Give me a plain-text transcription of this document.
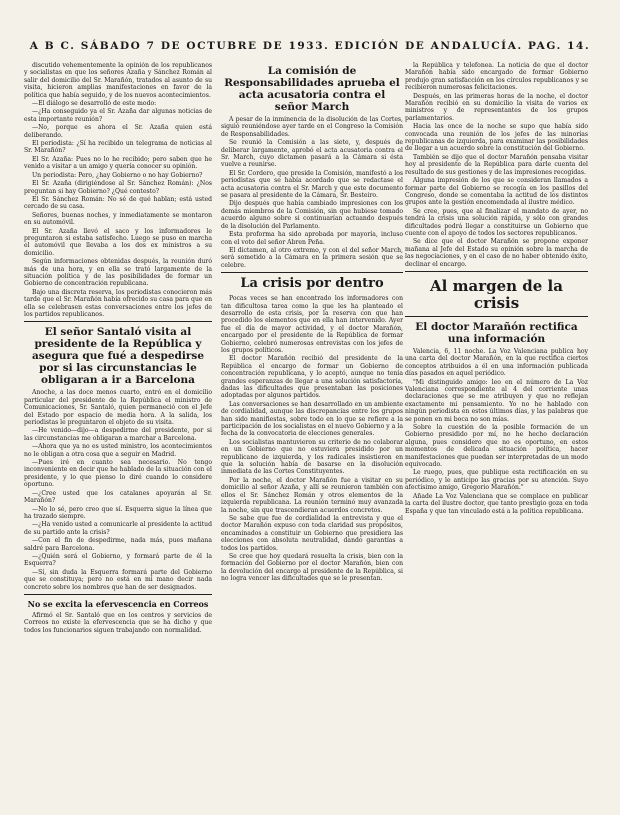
A B C. SÁBADO 7 DE OCTUBRE DE 1933. EDICIÓN DE ANDALUCÍA. PAG. 14.

discutido vehementemente la opinión de los republicanos y socialistas en que los señores Azaña y Sánchez Román al salir del domicilio del Sr. Marañón, tratados al asunto de su visita, hicieron amplias manifestaciones en favor de la política que había seguido, y de los nuevos acontecimientos.

—El diálogo se desarrolló de este modo:

—¿Ha conseguido ya el Sr. Azaña dar algunas noticias de esta importante reunión?

—No, porque es ahora el Sr. Azaña quien está deliberando.

El periodista: ¿Sí ha recibido un telegrama de noticias al Sr. Marañón?

El Sr. Azaña: Pues no lo he recibido; pero saben que he venido a visitar a un amigo y quería conocer su opinión.

Un periodista: Pero, ¿hay Gobierno o no hay Gobierno?

El Sr. Azaña (dirigiéndose al Sr. Sánchez Román): ¿Nos preguntan si hay Gobierno? ¿Qué contesto?

El Sr. Sánchez Román: No sé de qué hablan; está usted cercado de su casa.

Señores, buenas noches, y inmediatamente se montaron en su automóvil.

El Sr. Azaña llevó el saco y los informadores le preguntaron si estaba satisfecho. Luego se puso en marcha el automóvil que llevaba a los dos ex ministros a su domicilio.

Según informaciones obtenidas después, la reunión duró más de una hora, y en ella se trató largamente de la situación política y de las posibilidades de formar un Gobierno de concentración republicana.

Bajo una discreta reserva, los periodistas conocieron más tarde que el Sr. Marañón había ofrecido su casa para que en ella se celebrasen estas conversaciones entre los jefes de los partidos republicanos.

El señor Santaló visita al presidente de la República y asegura que fué a despedirse por si las circunstancias le obligaran a ir a Barcelona

Anoche, a las doce menos cuarto, entró en el domicilio particular del presidente de la República el ministro de Comunicaciones, Sr. Santaló, quien permaneció con el Jefe del Estado por espacio de media hora. A la salida, los periodistas le preguntaron el objeto de su visita.

—He venido—dijo—a despedirme del presidente, por si las circunstancias me obligaran a marchar a Barcelona.

—Ahora que ya no es usted ministro, los acontecimientos no le obligan a otra cosa que a seguir en Madrid.

—Pues iré en cuanto sea necesario. No tengo inconveniente en decir que he hablado de la situación con el presidente, y lo que pienso lo diré cuando lo considere oportuno.

—¿Cree usted que los catalanes apoyarán al Sr. Marañón?

—No lo sé, pero creo que sí. Esquerra sigue la línea que ha trazado siempre.

—¿Ha venido usted a comunicarle al presidente la actitud de su partido ante la crisis?

—Con el fin de despedirme, nada más, pues mañana saldré para Barcelona.

—¿Quién será el Gobierno, y formará parte de él la Esquerra?

—Sí, sin duda la Esquerra formará parte del Gobierno que se constituya; pero no está en mi mano decir nada concreto sobre los nombres que han de ser designados.

No se excita la efervescencia en Correos

Afirmó el Sr. Santaló que en los centros y servicios de Correos no existe la efervescencia que se ha dicho y que todos los funcionarios siguen trabajando con normalidad.

La comisión de Responsabilidades aprueba el acta acusatoria contra el señor March

A pesar de la inminencia de la disolución de las Cortes, siguió reuniéndose ayer tarde en el Congreso la Comisión de Responsabilidades.

Se reunió la Comisión a las siete, y, después de deliberar largamente, aprobó el acta acusatoria contra el Sr. March, cuyo dictamen pasará a la Cámara si ésta vuelve a reunirse.

El Sr. Cordero, que preside la Comisión, manifestó a los periodistas que se había acordado que se redactase el acta acusatoria contra el Sr. March y que este documento se pasara al presidente de la Cámara, Sr. Besteiro.

Dijo después que había cambiado impresiones con los demás miembros de la Comisión, sin que hubiese tomado acuerdo alguno sobre si continuarían actuando después de la disolución del Parlamento.

Esta proforma ha sido aprobada por mayoría, incluso con el voto del señor Abren Peña.

El dictamen, al otro extremo, y con el del señor March, será sometido a la Cámara en la primera sesión que se celebre.

La crisis por dentro

Pocas veces se han encontrado los informadores con tan dificultosa tarea como la que les ha planteado el desarrollo de esta crisis, por la reserva con que han procedido los elementos que en ella han intervenido. Ayer fue el día de mayor actividad, y el doctor Marañón, encargado por el presidente de la República de formar Gobierno, celebró numerosas entrevistas con los jefes de los grupos políticos.

El doctor Marañón recibió del presidente de la República el encargo de formar un Gobierno de concentración republicana, y lo aceptó, aunque no tenía grandes esperanzas de llegar a una solución satisfactoria, dadas las dificultades que presentaban las posiciones adoptadas por algunos partidos.

Las conversaciones se han desarrollado en un ambiente de cordialidad, aunque las discrepancias entre los grupos han sido manifiestas, sobre todo en lo que se refiere a la participación de los socialistas en el nuevo Gobierno y a la fecha de la convocatoria de elecciones generales.

Los socialistas mantuvieron su criterio de no colaborar en un Gobierno que no estuviera presidido por un republicano de izquierda, y los radicales insistieron en que la solución había de basarse en la disolución inmediata de las Cortes Constituyentes.

Por la noche, el doctor Marañón fue a visitar en su domicilio al señor Azaña, y allí se reunieron también con ellos el Sr. Sánchez Román y otros elementos de la izquierda republicana. La reunión terminó muy avanzada la noche, sin que trascendieran acuerdos concretos.

Se sabe que fue de cordialidad la entrevista y que el doctor Marañón expuso con toda claridad sus propósitos, encaminados a constituir un Gobierno que presidiera las elecciones con absoluta neutralidad, dando garantías a todos los partidos.

Se cree que hoy quedará resuelta la crisis, bien con la formación del Gobierno por el doctor Marañón, bien con la devolución del encargo al presidente de la República, si no logra vencer las dificultades que se le presentan.

la República y telefonea. La noticia de que el doctor Marañón había sido encargado de formar Gobierno produjo gran satisfacción en los círculos republicanos y se recibieron numerosas felicitaciones.

Después, en las primeras horas de la noche, el doctor Marañón recibió en su domicilio la visita de varios ex ministros y de representantes de los grupos parlamentarios.

Hacia las once de la noche se supo que había sido convocada una reunión de los jefes de las minorías republicanas de izquierda, para examinar las posibilidades de llegar a un acuerdo sobre la constitución del Gobierno.

También se dijo que el doctor Marañón pensaba visitar hoy al presidente de la República para darle cuenta del resultado de sus gestiones y de las impresiones recogidas.

Alguna impresión de los que se consideran llamados a formar parte del Gobierno se recogía en los pasillos del Congreso, donde se comentaba la actitud de los distintos grupos ante la gestión encomendada al ilustre médico.

Se cree, pues, que al finalizar el mandato de ayer, no tendrá la crisis una solución rápida, y sólo con grandes dificultades podrá llegar a constituirse un Gobierno que cuente con el apoyo de todos los sectores republicanos.

Se dice que el doctor Marañón se propone exponer mañana al Jefe del Estado su opinión sobre la marcha de las negociaciones, y en el caso de no haber obtenido éxito, declinar el encargo.

Al margen de la crisis
El doctor Marañón rectifica una información

Valencia, 6, 11 noche. La Voz Valenciana publica hoy una carta del doctor Marañón, en la que rectifica ciertos conceptos atribuidos a él en una información publicada días pasados en aquel periódico.

"Mi distinguido amigo: leo en el número de La Voz Valenciana correspondiente al 4 del corriente unas declaraciones que se me atribuyen y que no reflejan exactamente mi pensamiento. Yo no he hablado con ningún periodista en estos últimos días, y las palabras que se ponen en mi boca no son mías.

Sobre la cuestión de la posible formación de un Gobierno presidido por mí, no he hecho declaración alguna, pues considero que no es oportuno, en estos momentos de delicada situación política, hacer manifestaciones que puedan ser interpretadas de un modo equivocado.

Le ruego, pues, que publique esta rectificación en su periódico, y le anticipo las gracias por su atención. Suyo afectísimo amigo, Gregorio Marañón."

Añade La Voz Valenciana que se complace en publicar la carta del ilustre doctor, que tanto prestigio goza en toda España y que tan vinculado está a la política republicana.
